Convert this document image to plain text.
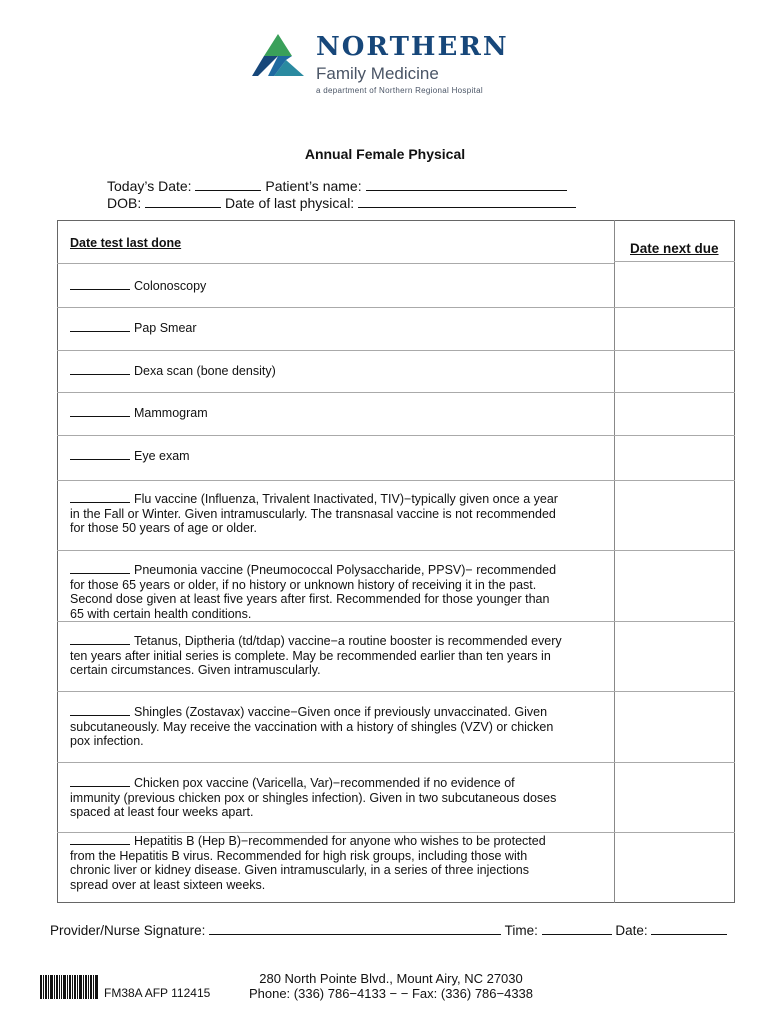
NORTHERN
Family Medicine
a department of Northern Regional Hospital
Annual Female Physical
Today’s Date:	Patient’s name:
DOB:	Date of last physical:
Date test last done	Date next due
Colonoscopy
Pap Smear
Dexa scan (bone density)
Mammogram
Eye exam

Flu vaccine (Influenza, Trivalent Inactivated, TIV)−typically given once a year

in the Fall or Winter. Given intramuscularly. The transnasal vaccine is not recommended

for those 50 years of age or older.

Pneumonia vaccine (Pneumococcal Polysaccharide, PPSV)− recommended

for those 65 years or older, if no history or unknown history of receiving it in the past.

Second dose given at least five years after first. Recommended for those younger than

65 with certain health conditions.

Tetanus, Diptheria (td/tdap) vaccine−a routine booster is recommended every

ten years after initial series is complete. May be recommended earlier than ten years in

certain circumstances. Given intramuscularly.

Shingles (Zostavax) vaccine−Given once if previously unvaccinated. Given

subcutaneously. May receive the vaccination with a history of shingles (VZV) or chicken

pox infection.

Chicken pox vaccine (Varicella, Var)−recommended if no evidence of

immunity (previous chicken pox or shingles infection). Given in two subcutaneous doses

spaced at least four weeks apart.

Hepatitis B (Hep B)−recommended for anyone who wishes to be protected

from the Hepatitis B virus. Recommended for high risk groups, including those with

chronic liver or kidney disease. Given intramuscularly, in a series of three injections

spread over at least sixteen weeks.

Provider/Nurse Signature:	Time:	Date:
FM38A AFP 112415
280 North Pointe Blvd., Mount Airy, NC 27030
Phone: (336) 786−4133 − − Fax: (336) 786−4338
